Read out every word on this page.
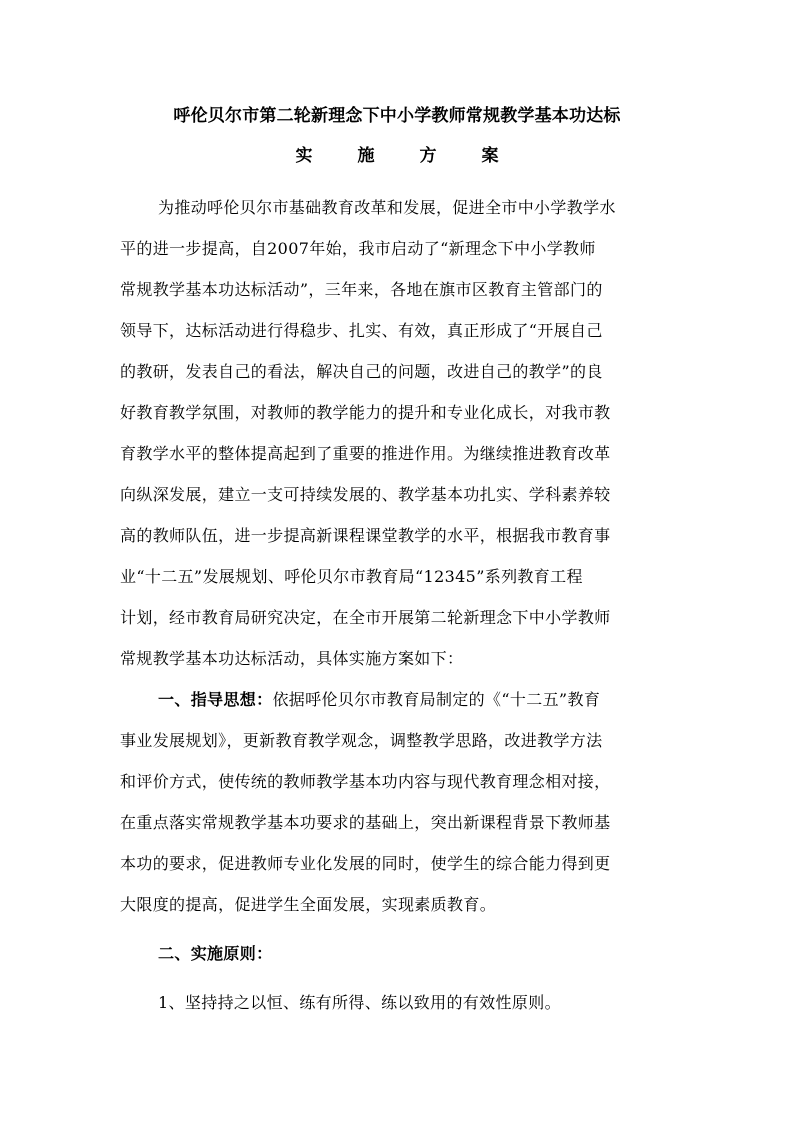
呼伦贝尔市第二轮新理念下中小学教师常规教学基本功达标
实	施	方	案
为推动呼伦贝尔市基础教育改革和发展，促进全市中小学教学水
平的进一步提高，自2007年始，我市启动了“新理念下中小学教师
常规教学基本功达标活动”，三年来，各地在旗市区教育主管部门的
领导下，达标活动进行得稳步、扎实、有效，真正形成了“开展自己
的教研，发表自己的看法，解决自己的问题，改进自己的教学”的良
好教育教学氛围，对教师的教学能力的提升和专业化成长，对我市教
育教学水平的整体提高起到了重要的推进作用。为继续推进教育改革
向纵深发展，建立一支可持续发展的、教学基本功扎实、学科素养较
高的教师队伍，进一步提高新课程课堂教学的水平，根据我市教育事
业“十二五”发展规划、呼伦贝尔市教育局“12345”系列教育工程
计划，经市教育局研究决定，在全市开展第二轮新理念下中小学教师
常规教学基本功达标活动，具体实施方案如下：
一、指导思想：依据呼伦贝尔市教育局制定的《“十二五”教育
事业发展规划》，更新教育教学观念，调整教学思路，改进教学方法
和评价方式，使传统的教师教学基本功内容与现代教育理念相对接，
在重点落实常规教学基本功要求的基础上，突出新课程背景下教师基
本功的要求，促进教师专业化发展的同时，使学生的综合能力得到更
大限度的提高，促进学生全面发展，实现素质教育。
二、实施原则：
1、坚持持之以恒、练有所得、练以致用的有效性原则。
